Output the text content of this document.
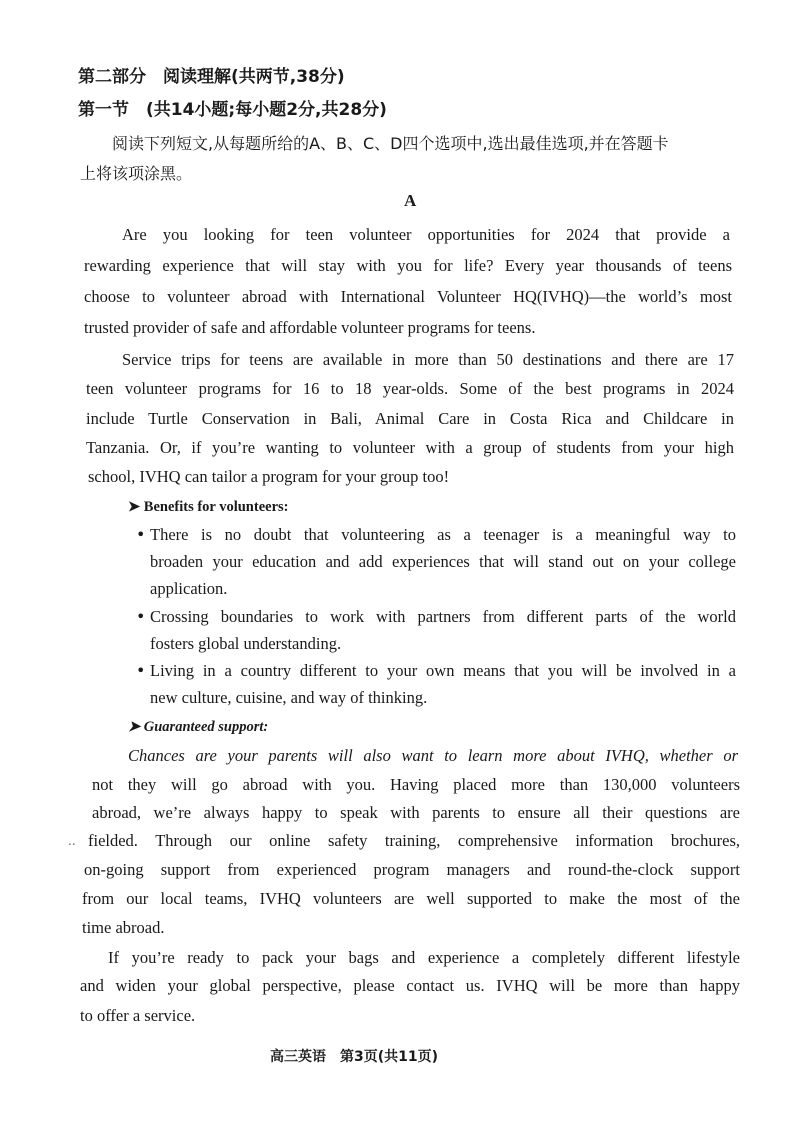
第二部分　阅读理解(共两节,38分)
第一节　(共14小题;每小题2分,共28分)
阅读下列短文,从每题所给的A、B、C、D四个选项中,选出最佳选项,并在答题卡
上将该项涂黑。
A
Are you looking for teen volunteer opportunities for 2024 that provide a
rewarding experience that will stay with you for life? Every year thousands of teens
choose to volunteer abroad with International Volunteer HQ(IVHQ)—the world’s most
trusted provider of safe and affordable volunteer programs for teens.
Service trips for teens are available in more than 50 destinations and there are 17
teen volunteer programs for 16 to 18 year-olds. Some of the best programs in 2024
include Turtle Conservation in Bali, Animal Care in Costa Rica and Childcare in
Tanzania. Or, if you’re wanting to volunteer with a group of students from your high
school, IVHQ can tailor a program for your group too!
➤ Benefits for volunteers:
• There is no doubt that volunteering as a teenager is a meaningful way to
broaden your education and add experiences that will stand out on your college
application.
• Crossing boundaries to work with partners from different parts of the world
fosters global understanding.
• Living in a country different to your own means that you will be involved in a
new culture, cuisine, and way of thinking.
➤ Guaranteed support:
Chances are your parents will also want to learn more about IVHQ, whether or
not they will go abroad with you. Having placed more than 130,000 volunteers
abroad, we’re always happy to speak with parents to ensure all their questions are
.. fielded. Through our online safety training, comprehensive information brochures,
on-going support from experienced program managers and round-the-clock support
from our local teams, IVHQ volunteers are well supported to make the most of the
time abroad.
If you’re ready to pack your bags and experience a completely different lifestyle
and widen your global perspective, please contact us. IVHQ will be more than happy
to offer a service.
高三英语　第3页(共11页)
